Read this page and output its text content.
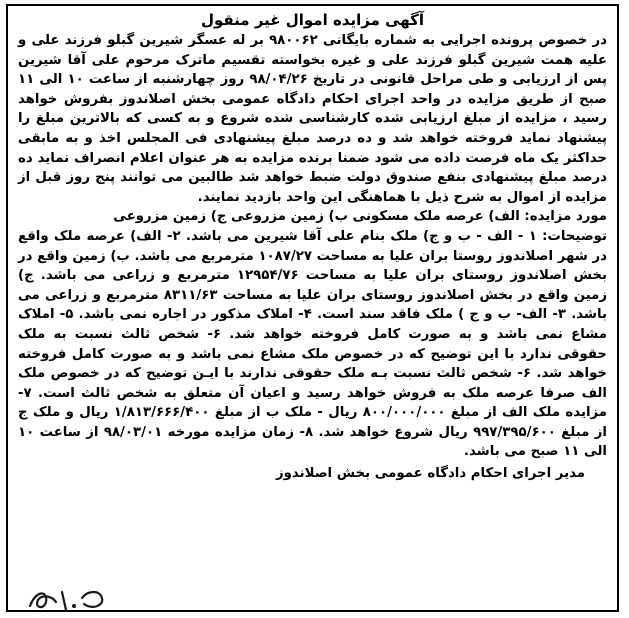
آگهی مزایده اموال غیر منقول

در خصوص پرونده اجرایی به شماره بایگانی ۹۸۰۰۶۲ بر له عسگر شیرین گبلو فرزند علی و علیه همت شیرین گبلو فرزند علی و غیره بخواسته تقسیم ماترک مرحوم علی آقا شیرین پس از ارزیابی و طی مراحل قانونی در تاریخ ۹۸/۰۴/۲۶ روز چهارشنبه از ساعت ۱۰ الی ۱۱ صبح از طریق مزایده در واحد اجرای احکام دادگاه عمومی بخش اصلاندوز بفروش خواهد رسید ، مزایده از مبلغ ارزیابی شده کارشناسی شده شروع و به کسی که بالاترین مبلغ را پیشنهاد نماید فروخته خواهد شد و ده درصد مبلغ پیشنهادی فی المجلس اخذ و به مابقی حداکثر یک ماه فرصت داده می شود ضمنا برنده مزایده به هر عنوان اعلام انصراف نماید ده درصد مبلغ پیشنهادی بنفع صندوق دولت ضبط خواهد شد طالبین می توانند پنج روز قبل از مزایده از اموال به شرح ذیل با هماهنگی این واحد بازدید نمایند.

مورد مزایده: الف) عرصه ملک مسکونی ب) زمین مزروعی ج) زمین مزروعی

توضیحات: ۱ - الف - ب و ج) ملک بنام علی آقا شیرین می باشد. ۲- الف) عرصه ملک واقع در شهر اصلاندوز روستا بران علیا به مساحت ۱۰۸۷/۲۷ مترمربع می باشد. ب) زمین واقع در بخش اصلاندوز روستای بران علیا به مساحت ۱۲۹۵۴/۷۶ مترمربع و زراعی می باشد. ج) زمین واقع در بخش اصلاندوز روستای بران علیا به مساحت ۸۳۱۱/۶۳ مترمربع و زراعی می باشد. ۳- الف- ب و ج ) ملک فاقد سند است. ۴- املاک مذکور در اجاره نمی باشد. ۵- املاک مشاع نمی باشد و به صورت کامل فروخته خواهد شد. ۶- شخص ثالث نسبت به ملک حقوقی ندارد با این توضیح که در خصوص ملک مشاع نمی باشد و به صورت کامل فروخته خواهد شد. ۶- شخص ثالث نسبت بـه ملک حقوقی ندارند با ایـن توضیح که در خصوص ملک الف صرفا عرصه ملک به فروش خواهد رسید و اعیان آن متعلق به شخص ثالث است. ۷- مزایده ملک الف از مبلغ ۸۰۰/۰۰۰/۰۰۰ ریال - ملک ب از مبلغ ۱/۸۱۳/۶۶۶/۴۰۰ ریال و ملک ج از مبلغ ۹۹۷/۳۹۵/۶۰۰ ریال شروع خواهد شد. ۸- زمان مزایده مورخه ۹۸/۰۳/۰۱ از ساعت ۱۰ الی ۱۱ صبح می باشد.

مدیر اجرای احکام دادگاه عمومی بخش اصلاندوز
